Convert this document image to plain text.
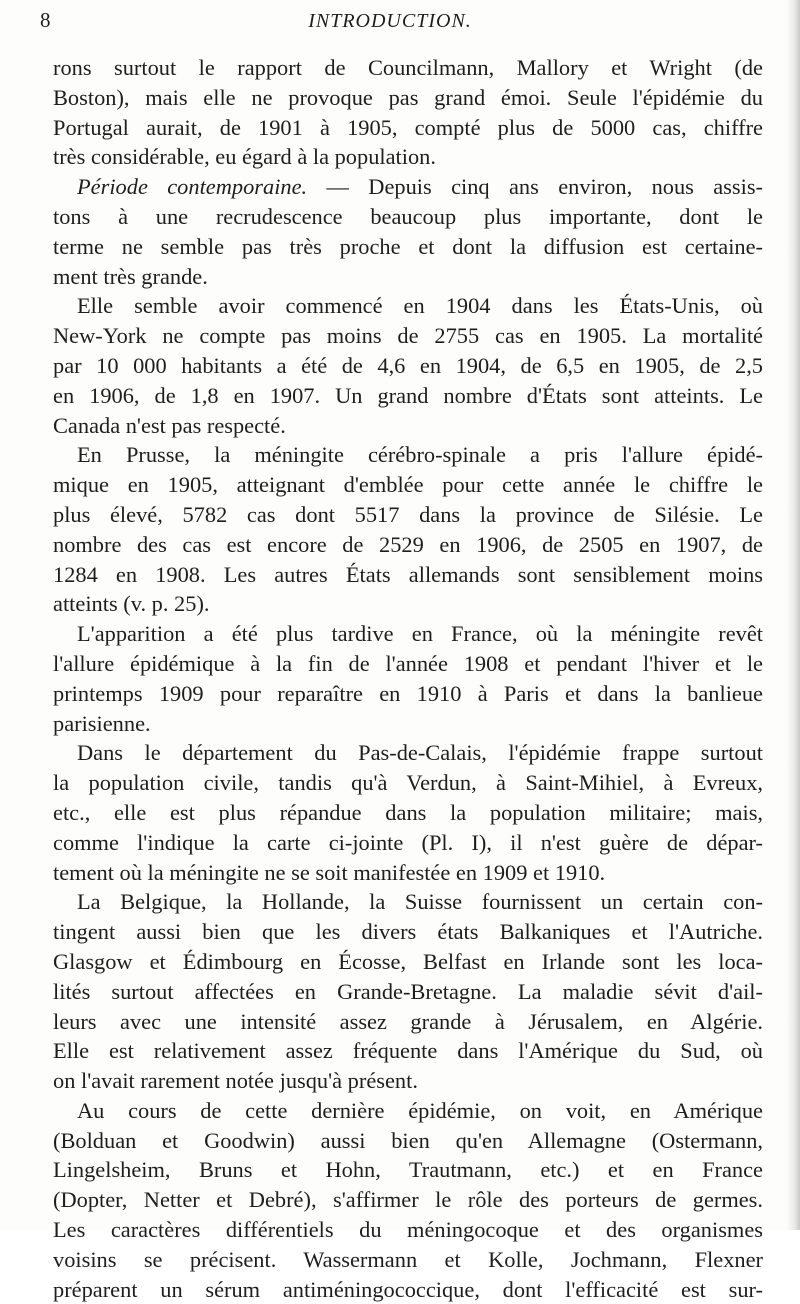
8	INTRODUCTION.
rons surtout le rapport de Councilmann, Mallory et Wright (de
Boston), mais elle ne provoque pas grand émoi. Seule l'épidémie du
Portugal aurait, de 1901 à 1905, compté plus de 5000 cas, chiffre
très considérable, eu égard à la population.
Période contemporaine. — Depuis cinq ans environ, nous assis-
tons à une recrudescence beaucoup plus importante, dont le
terme ne semble pas très proche et dont la diffusion est certaine-
ment très grande.
Elle semble avoir commencé en 1904 dans les États-Unis, où
New-York ne compte pas moins de 2755 cas en 1905. La mortalité
par 10 000 habitants a été de 4,6 en 1904, de 6,5 en 1905, de 2,5
en 1906, de 1,8 en 1907. Un grand nombre d'États sont atteints. Le
Canada n'est pas respecté.
En Prusse, la méningite cérébro-spinale a pris l'allure épidé-
mique en 1905, atteignant d'emblée pour cette année le chiffre le
plus élevé, 5782 cas dont 5517 dans la province de Silésie. Le
nombre des cas est encore de 2529 en 1906, de 2505 en 1907, de
1284 en 1908. Les autres États allemands sont sensiblement moins
atteints (v. p. 25).
L'apparition a été plus tardive en France, où la méningite revêt
l'allure épidémique à la fin de l'année 1908 et pendant l'hiver et le
printemps 1909 pour reparaître en 1910 à Paris et dans la banlieue
parisienne.
Dans le département du Pas-de-Calais, l'épidémie frappe surtout
la population civile, tandis qu'à Verdun, à Saint-Mihiel, à Evreux,
etc., elle est plus répandue dans la population militaire; mais,
comme l'indique la carte ci-jointe (Pl. I), il n'est guère de dépar-
tement où la méningite ne se soit manifestée en 1909 et 1910.
La Belgique, la Hollande, la Suisse fournissent un certain con-
tingent aussi bien que les divers états Balkaniques et l'Autriche.
Glasgow et Édimbourg en Écosse, Belfast en Irlande sont les loca-
lités surtout affectées en Grande-Bretagne. La maladie sévit d'ail-
leurs avec une intensité assez grande à Jérusalem, en Algérie.
Elle est relativement assez fréquente dans l'Amérique du Sud, où
on l'avait rarement notée jusqu'à présent.
Au cours de cette dernière épidémie, on voit, en Amérique
(Bolduan et Goodwin) aussi bien qu'en Allemagne (Ostermann,
Lingelsheim, Bruns et Hohn, Trautmann, etc.) et en France
(Dopter, Netter et Debré), s'affirmer le rôle des porteurs de germes.
Les caractères différentiels du méningocoque et des organismes
voisins se précisent. Wassermann et Kolle, Jochmann, Flexner
préparent un sérum antiméningococcique, dont l'efficacité est sur-
